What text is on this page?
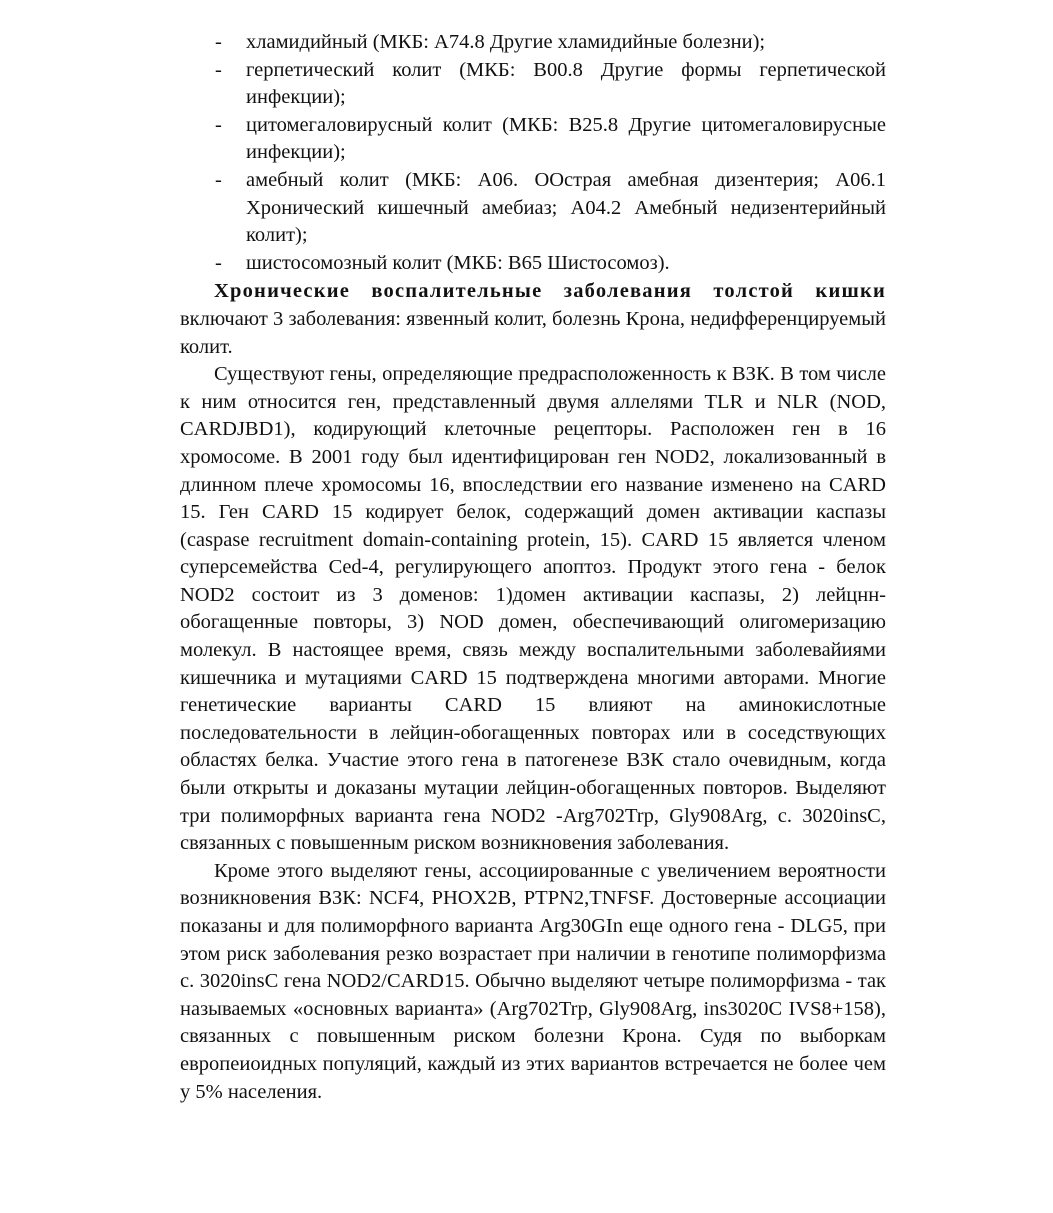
- хламидийный (МКБ: А74.8 Другие хламидийные болезни);
- герпетический колит (МКБ: В00.8 Другие формы герпетической инфекции);
- цитомегаловирусный колит (МКБ: В25.8 Другие цитомегаловирусные инфекции);
- амебный колит (МКБ: А06. ООстрая амебная дизентерия; А06.1 Хронический кишечный амебиаз; А04.2 Амебный недизентерийный колит);
- шистосомозный колит (МКБ: В65 Шистосомоз).

Хронические воспалительные заболевания толстой кишки включают 3 заболевания: язвенный колит, болезнь Крона, недифференцируемый колит.

Существуют гены, определяющие предрасположенность к ВЗК. В том числе к ним относится ген, представленный двумя аллелями TLR и NLR (NOD, CARDJBD1), кодирующий клеточные рецепторы. Расположен ген в 16 хромосоме. В 2001 году был идентифицирован ген NOD2, локализованный в длинном плече хромосомы 16, впоследствии его название изменено на CARD 15. Ген CARD 15 кодирует белок, содержащий домен активации каспазы (caspase recruitment domain-containing protein, 15). CARD 15 является членом суперсемейства Ced-4, регулирующего апоптоз. Продукт этого гена - белок NOD2 состоит из 3 доменов: 1)домен активации каспазы, 2) лейцнн-обогащенные повторы, 3) NOD домен, обеспечивающий олигомеризацию молекул. В настоящее время, связь между воспалительными заболевайиями кишечника и мутациями CARD 15 подтверждена многими авторами. Многие генетические варианты CARD 15 влияют на аминокислотные последовательности в лейцин-обогащенных повторах или в соседствующих областях белка. Участие этого гена в патогенезе ВЗК стало очевидным, когда были открыты и доказаны мутации лейцин-обогащенных повторов. Выделяют три полиморфных варианта гена NOD2 -Arg702Trp, Gly908Arg, с. 3020insC, связанных с повышенным риском возникновения заболевания.

Кроме этого выделяют гены, ассоциированные с увеличением вероятности возникновения ВЗК: NCF4, PHOX2B, PTPN2,TNFSF. Достоверные ассоциации показаны и для полиморфного варианта Arg30GIn еще одного гена - DLG5, при этом риск заболевания резко возрастает при наличии в генотипе полиморфизма с. 3020insC гена NOD2/CARD15. Обычно выделяют четыре полиморфизма - так называемых «основных варианта» (Arg702Trp, Gly908Arg, ins3020C IVS8+158), связанных с повышенным риском болезни Крона. Судя по выборкам европеиоидных популяций, каждый из этих вариантов встречается не более чем у 5% населения.
